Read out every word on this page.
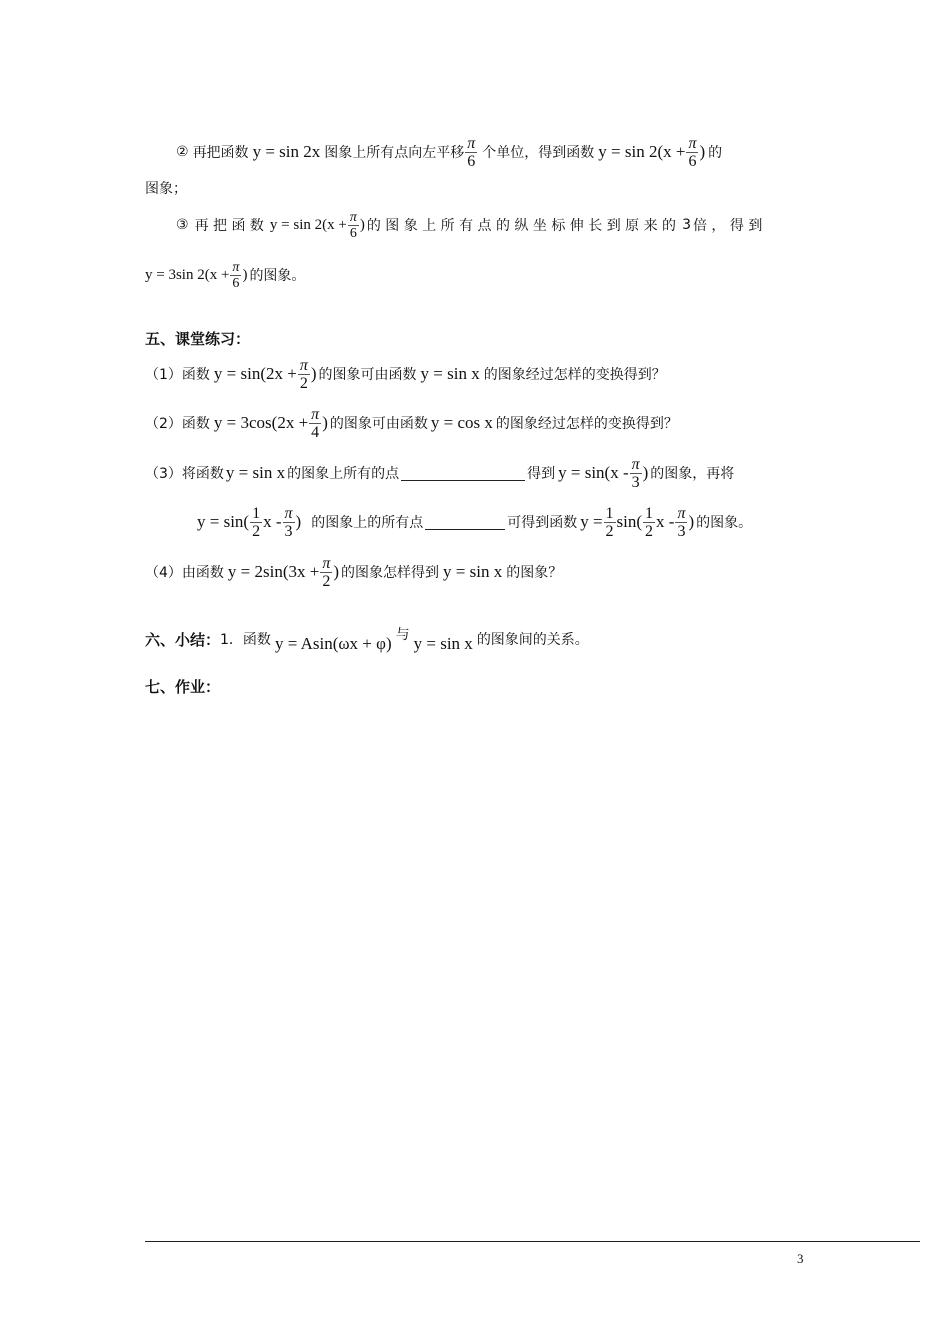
② 再把函数 y = sin 2x 图象上所有点向左平移 $\frac{\pi}{6}$ 个单位，得到函数 $y = \sin 2(x + \frac{\pi}{6}$ ) 的
图象；
③ 再 把 函 数 $y = \sin 2(x + \frac{\pi}{6}$ ) 的 图 象 上 所 有 点 的 纵 坐 标 伸 长 到 原 来 的 3 倍 ， 得 到
y = 3sin $2(x + \frac{\pi}{6}$ ) 的图象。
五、课堂练习：
（1）函数 $y = \sin(2x + \frac{\pi}{2}$ ) 的图象可由函数 y = sin x 的图象经过怎样的变换得到？
（2）函数 $y = 3\cos(2x + \frac{\pi}{4}$ ) 的图象可由函数 y = cos x 的图象经过怎样的变换得到？
（3）将函数 y = sin x 的图象上所有的点	得到 $y = \sin(x - \frac{\pi}{3}$ ) 的图象，再将
$y = \sin( \frac{1}{2}$ x - $\frac{\pi}{3}$ ) 的图象上的所有点	可得到函数 $y = \frac{1}{2} \sin( \frac{1}{2}$ x - $\frac{\pi}{3}$ ) 的图象。
（4）由函数 $y = 2\sin(3x + \frac{\pi}{2}$ ) 的图象怎样得到 y = sin x 的图象？
六、小结： 1．函数 y = Asin(ωx + φ) 与 y = sin x 的图象间的关系。
七、作业：
3
